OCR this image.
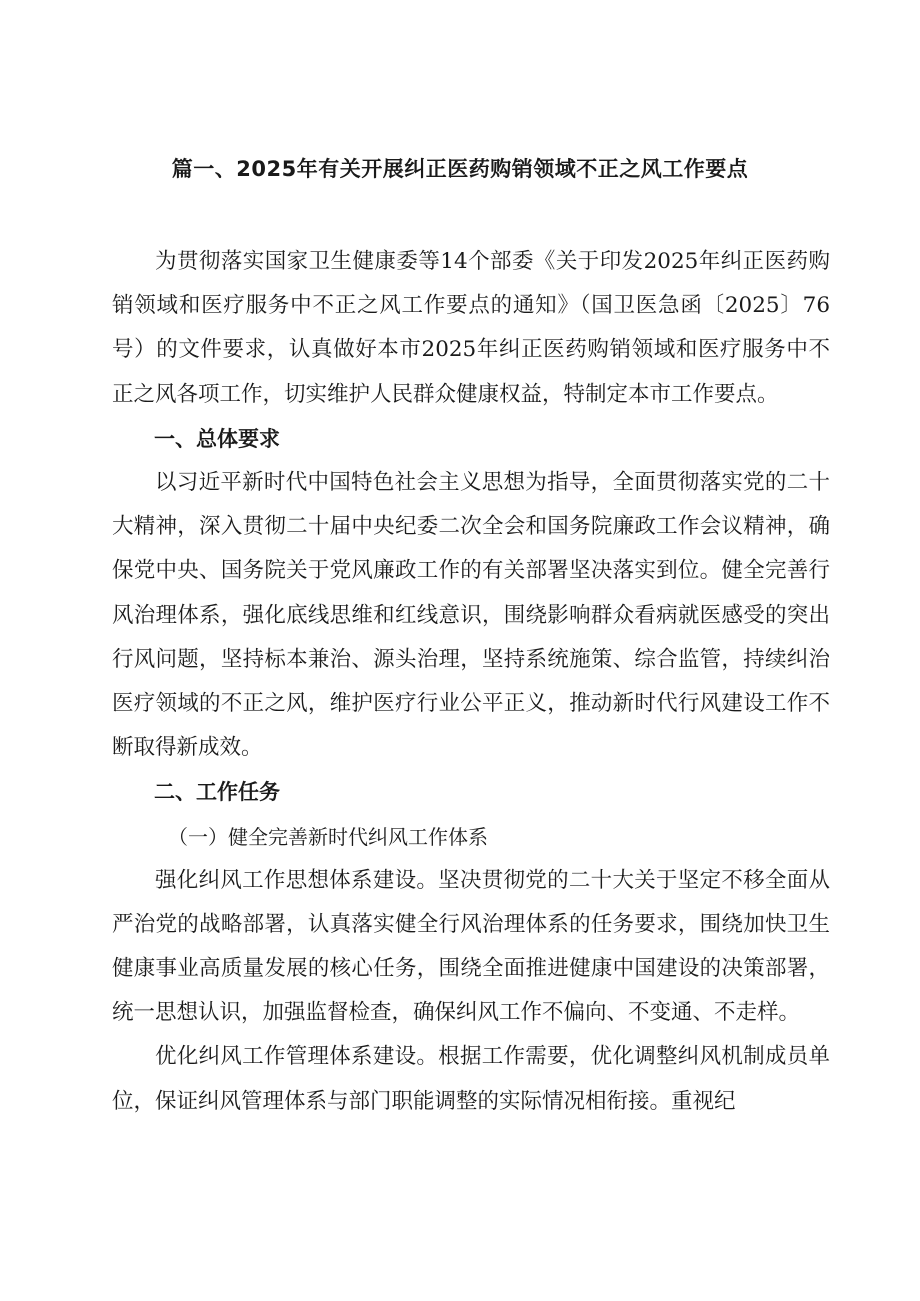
篇一、2025年有关开展纠正医药购销领域不正之风工作要点

为贯彻落实国家卫生健康委等14个部委《关于印发2025年纠正医药购销领域和医疗服务中不正之风工作要点的通知》（国卫医急函〔2025〕76号）的文件要求，认真做好本市2025年纠正医药购销领域和医疗服务中不正之风各项工作，切实维护人民群众健康权益，特制定本市工作要点。

一、总体要求

以习近平新时代中国特色社会主义思想为指导，全面贯彻落实党的二十大精神，深入贯彻二十届中央纪委二次全会和国务院廉政工作会议精神，确保党中央、国务院关于党风廉政工作的有关部署坚决落实到位。健全完善行风治理体系，强化底线思维和红线意识，围绕影响群众看病就医感受的突出行风问题，坚持标本兼治、源头治理，坚持系统施策、综合监管，持续纠治医疗领域的不正之风，维护医疗行业公平正义，推动新时代行风建设工作不断取得新成效。

二、工作任务

（一）健全完善新时代纠风工作体系

强化纠风工作思想体系建设。坚决贯彻党的二十大关于坚定不移全面从严治党的战略部署，认真落实健全行风治理体系的任务要求，围绕加快卫生健康事业高质量发展的核心任务，围绕全面推进健康中国建设的决策部署，统一思想认识，加强监督检查，确保纠风工作不偏向、不变通、不走样。

优化纠风工作管理体系建设。根据工作需要，优化调整纠风机制成员单位，保证纠风管理体系与部门职能调整的实际情况相衔接。重视纪
